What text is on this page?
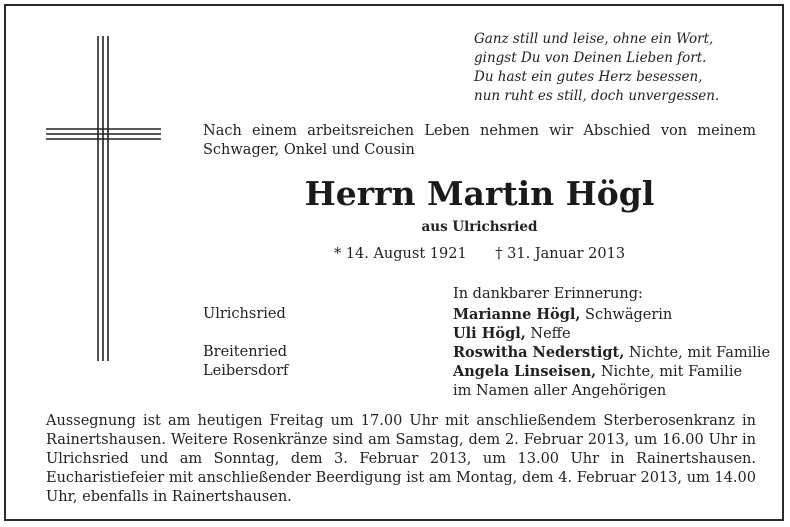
Ganz still und leise, ohne ein Wort,
gingst Du von Deinen Lieben fort.
Du hast ein gutes Herz besessen,
nun ruht es still, doch unvergessen.
Nach einem arbeitsreichen Leben nehmen wir Abschied von meinem Schwager, Onkel und Cousin
Herrn Martin Högl
aus Ulrichsried
* 14. August 1921 † 31. Januar 2013
In dankbarer Erinnerung:
Ulrichsried
Breitenried
Leibersdorf
Marianne Högl, Schwägerin
Uli Högl, Neffe
Roswitha Nederstigt, Nichte, mit Familie
Angela Linseisen, Nichte, mit Familie
im Namen aller Angehörigen
Aussegnung ist am heutigen Freitag um 17.00 Uhr mit anschließendem Sterberosenkranz in Rainertshausen. Weitere Rosenkränze sind am Samstag, dem 2. Februar 2013, um 16.00 Uhr in Ulrichsried und am Sonntag, dem 3. Februar 2013, um 13.00 Uhr in Rainertshausen. Eucharistiefeier mit anschließender Beerdigung ist am Montag, dem 4. Februar 2013, um 14.00 Uhr, ebenfalls in Rainertshausen.
